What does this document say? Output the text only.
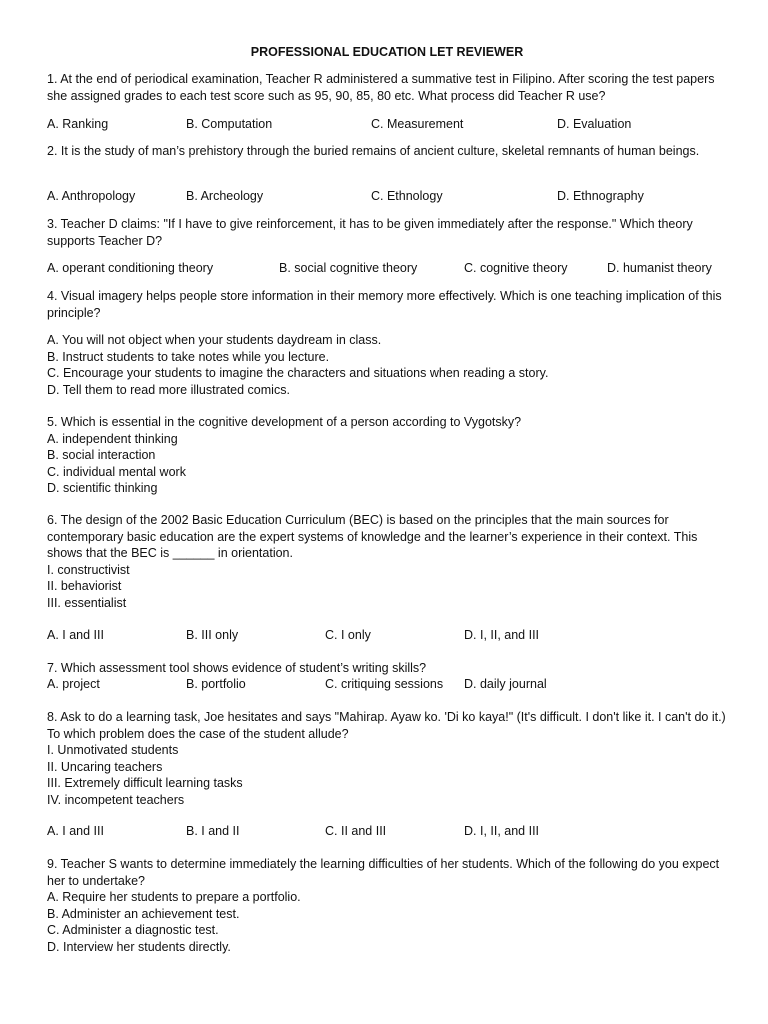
PROFESSIONAL EDUCATION LET REVIEWER
1. At the end of periodical examination, Teacher R administered a summative test in Filipino. After scoring the test papers she assigned grades to each test score such as 95, 90, 85, 80 etc. What process did Teacher R use?
A. Ranking	B. Computation	C. Measurement	D. Evaluation
2. It is the study of man’s prehistory through the buried remains of ancient culture, skeletal remnants of human beings.
A. Anthropology	B. Archeology	C. Ethnology	D. Ethnography
3. Teacher D claims: "If I have to give reinforcement, it has to be given immediately after the response." Which theory supports Teacher D?
A. operant conditioning theory	B. social cognitive theory	C. cognitive theory	D. humanist theory
4. Visual imagery helps people store information in their memory more effectively. Which is one teaching implication of this principle?
A. You will not object when your students daydream in class.
B. Instruct students to take notes while you lecture.
C. Encourage your students to imagine the characters and situations when reading a story.
D. Tell them to read more illustrated comics.
5. Which is essential in the cognitive development of a person according to Vygotsky?
A. independent thinking
B. social interaction
C. individual mental work
D. scientific thinking
6. The design of the 2002 Basic Education Curriculum (BEC) is based on the principles that the main sources for contemporary basic education are the expert systems of knowledge and the learner’s experience in their context. This shows that the BEC is ______ in orientation.
I. constructivist
II. behaviorist
III. essentialist
A. I and III	B. III only	C. I only	D. I, II, and III
7. Which assessment tool shows evidence of student’s writing skills?
A. project	B. portfolio	C. critiquing sessions D. daily journal
8. Ask to do a learning task, Joe hesitates and says "Mahirap. Ayaw ko. 'Di ko kaya!" (It's difficult. I don't like it. I can't do it.) To which problem does the case of the student allude?
I. Unmotivated students
II. Uncaring teachers
III. Extremely difficult learning tasks
IV. incompetent teachers
A. I and III	B. I and II	C. II and III	D. I, II, and III
9. Teacher S wants to determine immediately the learning difficulties of her students. Which of the following do you expect her to undertake?
A. Require her students to prepare a portfolio.
B. Administer an achievement test.
C. Administer a diagnostic test.
D. Interview her students directly.
